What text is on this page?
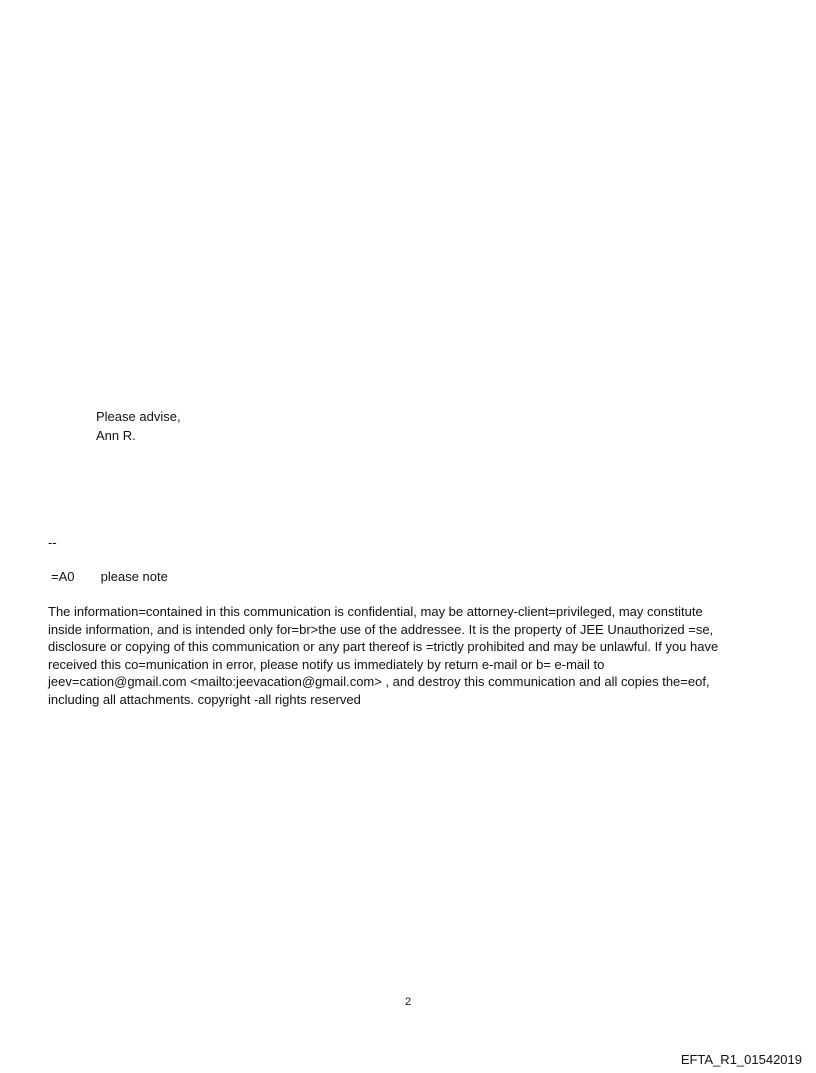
Please advise,
Ann R.
--
=A0 please note
The information=contained in this communication is confidential, may be attorney-client=privileged, may constitute
inside information, and is intended only for=br>the use of the addressee. It is the property of JEE Unauthorized =se,
disclosure or copying of this communication or any part thereof is =trictly prohibited and may be unlawful. If you have
received this co=munication in error, please notify us immediately by return e-mail or b= e-mail to
jeev=cation@gmail.com <mailto:jeevacation@gmail.com> , and destroy this communication and all copies the=eof,
including all attachments. copyright -all rights reserved
2
EFTA_R1_01542019
